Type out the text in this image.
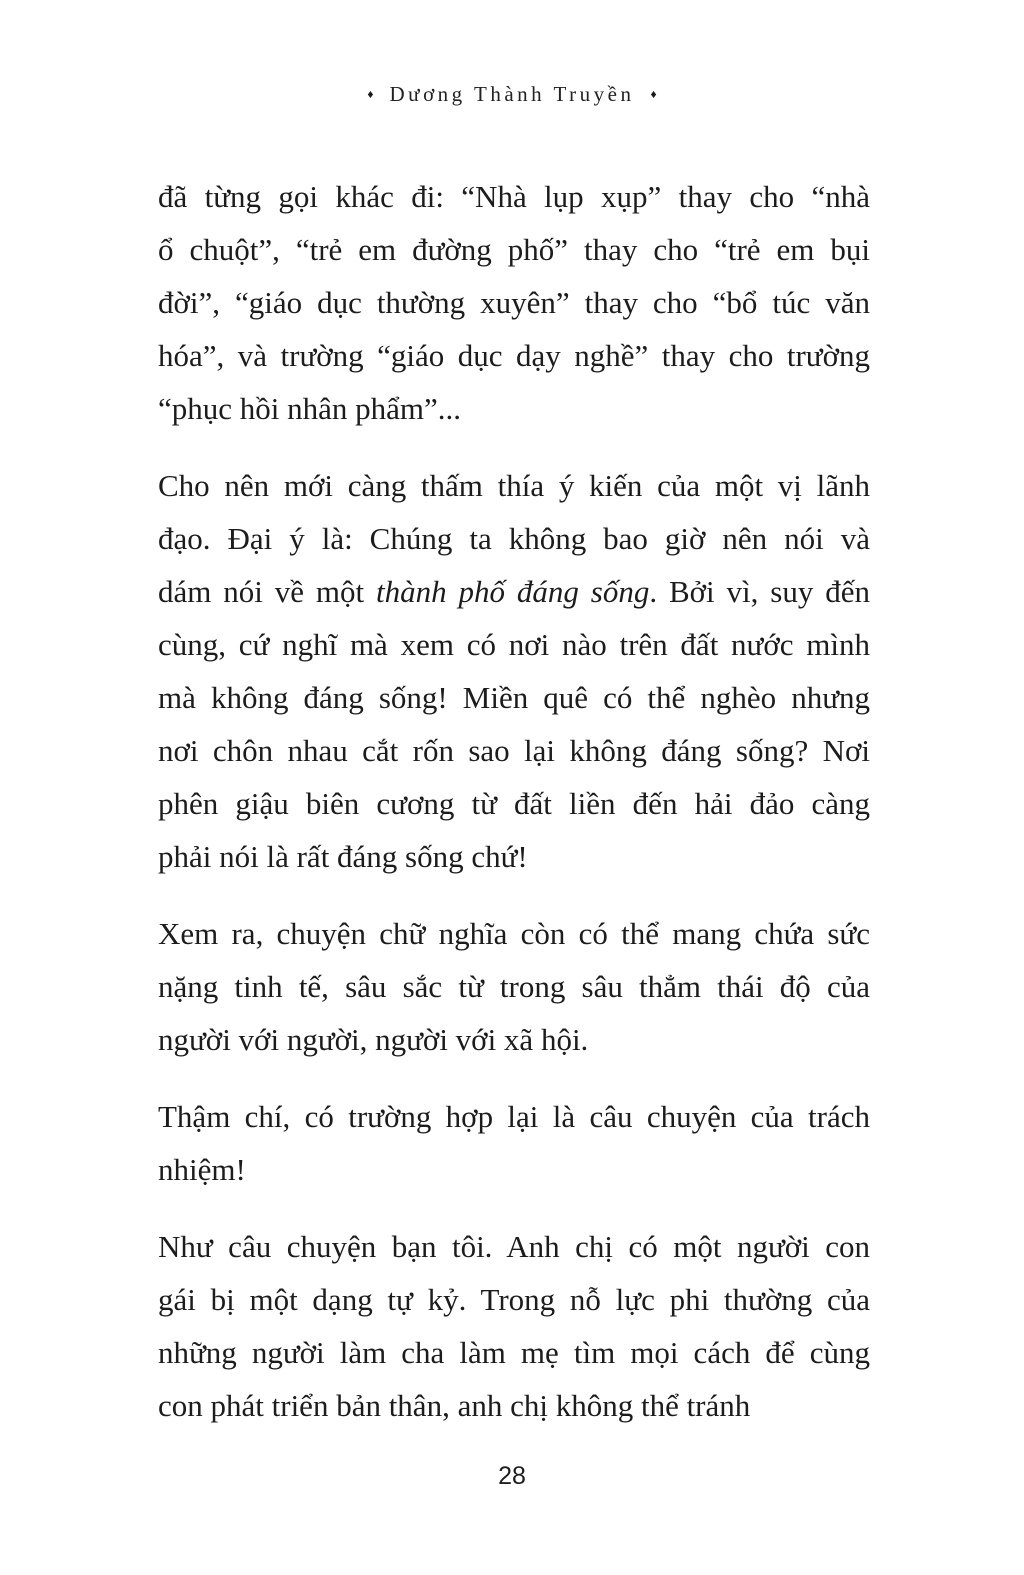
♦ Dương Thành Truyền ♦
đã từng gọi khác đi: “Nhà lụp xụp” thay cho “nhà
ổ chuột”, “trẻ em đường phố” thay cho “trẻ em bụi
đời”, “giáo dục thường xuyên” thay cho “bổ túc văn
hóa”, và trường “giáo dục dạy nghề” thay cho trường
“phục hồi nhân phẩm”...
Cho nên mới càng thấm thía ý kiến của một vị lãnh
đạo. Đại ý là: Chúng ta không bao giờ nên nói và
dám nói về một thành phố đáng sống. Bởi vì, suy đến
cùng, cứ nghĩ mà xem có nơi nào trên đất nước mình
mà không đáng sống! Miền quê có thể nghèo nhưng
nơi chôn nhau cắt rốn sao lại không đáng sống? Nơi
phên giậu biên cương từ đất liền đến hải đảo càng
phải nói là rất đáng sống chứ!
Xem ra, chuyện chữ nghĩa còn có thể mang chứa sức
nặng tinh tế, sâu sắc từ trong sâu thẳm thái độ của
người với người, người với xã hội.
Thậm chí, có trường hợp lại là câu chuyện của trách
nhiệm!
Như câu chuyện bạn tôi. Anh chị có một người con
gái bị một dạng tự kỷ. Trong nỗ lực phi thường của
những người làm cha làm mẹ tìm mọi cách để cùng
con phát triển bản thân, anh chị không thể tránh
28
